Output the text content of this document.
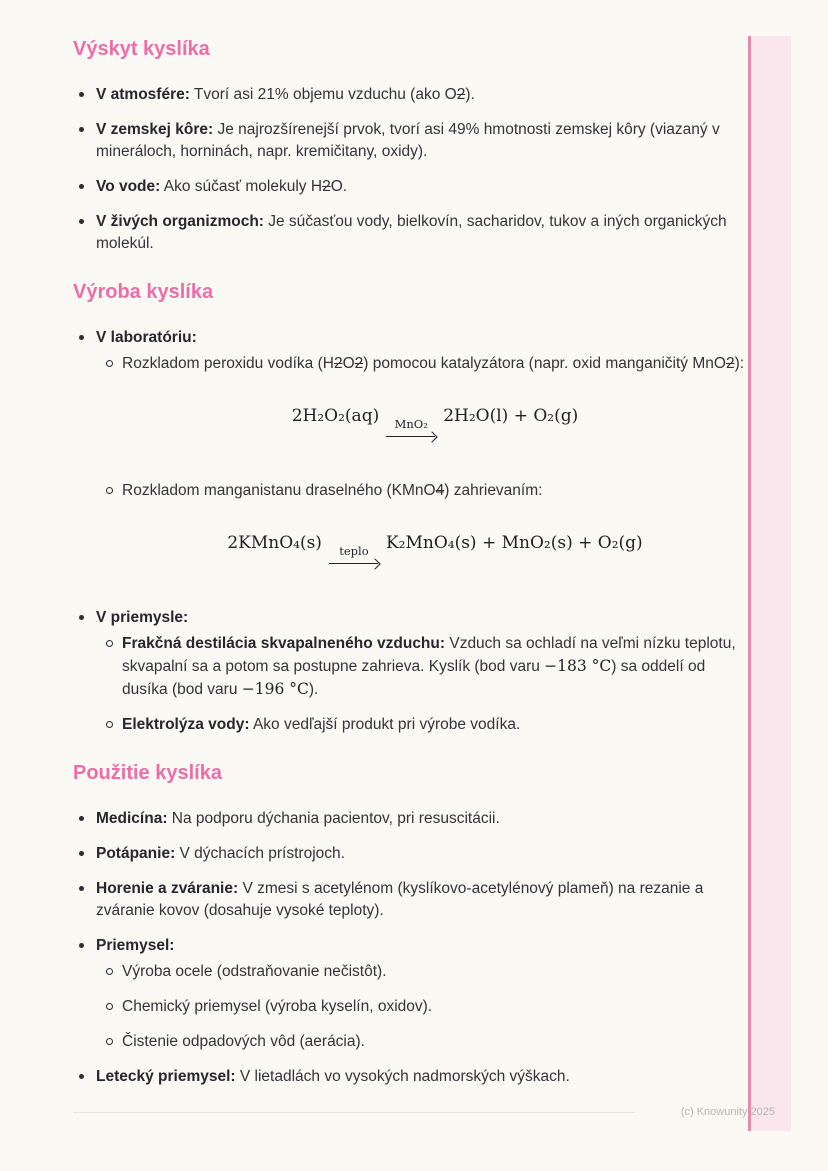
Výskyt kyslíka
V atmosfére: Tvorí asi 21% objemu vzduchu (ako O2).
V zemskej kôre: Je najrozšírenejší prvok, tvorí asi 49% hmotnosti zemskej kôry (viazaný v mineráloch, horninách, napr. kremičitany, oxidy).
Vo vode: Ako súčasť molekuly H2O.
V živých organizmoch: Je súčasťou vody, bielkovín, sacharidov, tukov a iných organických molekúl.
Výroba kyslíka
V laboratóriu:
Rozkladom peroxidu vodíka (H2O2) pomocou katalyzátora (napr. oxid manganičitý MnO2):
2H₂O₂(aq)	MnO₂ 2H₂O(l) + O₂(g)
Rozkladom manganistanu draselného (KMnO4) zahrievaním:
2KMnO₄(s)	teplo K₂MnO₄(s) + MnO₂(s) + O₂(g)
V priemysle:
Frakčná destilácia skvapalneného vzduchu: Vzduch sa ochladí na veľmi nízku teplotu, skvapalní sa a potom sa postupne zahrieva. Kyslík (bod varu −183 °C) sa oddelí od dusíka (bod varu −196 °C).
Elektrolýza vody: Ako vedľajší produkt pri výrobe vodíka.
Použitie kyslíka
Medicína: Na podporu dýchania pacientov, pri resuscitácii.
Potápanie: V dýchacích prístrojoch.
Horenie a zváranie: V zmesi s acetylénom (kyslíkovo-acetylénový plameň) na rezanie a zváranie kovov (dosahuje vysoké teploty).
Priemysel:
Výroba ocele (odstraňovanie nečistôt).
Chemický priemysel (výroba kyselín, oxidov).
Čistenie odpadových vôd (aerácia).
Letecký priemysel: V lietadlách vo vysokých nadmorských výškach.
(c) Knowunity 2025
